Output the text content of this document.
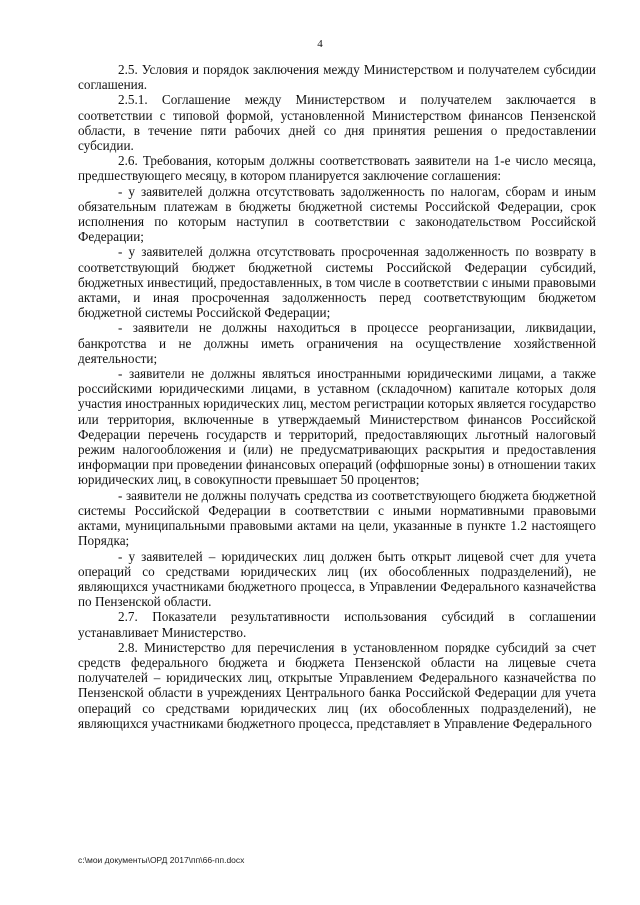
4

2.5. Условия и порядок заключения между Министерством и получателем субсидии соглашения.

2.5.1. Соглашение между Министерством и получателем заключается в соответствии с типовой формой, установленной Министерством финансов Пензенской области, в течение пяти рабочих дней со дня принятия решения о предоставлении субсидии.

2.6. Требования, которым должны соответствовать заявители на 1-е число месяца, предшествующего месяцу, в котором планируется заключение соглашения:

- у заявителей должна отсутствовать задолженность по налогам, сборам и иным обязательным платежам в бюджеты бюджетной системы Российской Федерации, срок исполнения по которым наступил в соответствии с законодательством Российской Федерации;

- у заявителей должна отсутствовать просроченная задолженность по возврату в соответствующий бюджет бюджетной системы Российской Федерации субсидий, бюджетных инвестиций, предоставленных, в том числе в соответствии с иными правовыми актами, и иная просроченная задолженность перед соответствующим бюджетом бюджетной системы Российской Федерации;

- заявители не должны находиться в процессе реорганизации, ликвидации, банкротства и не должны иметь ограничения на осуществление хозяйственной деятельности;

- заявители не должны являться иностранными юридическими лицами, а также российскими юридическими лицами, в уставном (складочном) капитале которых доля участия иностранных юридических лиц, местом регистрации которых является государство или территория, включенные в утверждаемый Министерством финансов Российской Федерации перечень государств и территорий, предоставляющих льготный налоговый режим налогообложения и (или) не предусматривающих раскрытия и предоставления информации при проведении финансовых операций (оффшорные зоны) в отношении таких юридических лиц, в совокупности превышает 50 процентов;

- заявители не должны получать средства из соответствующего бюджета бюджетной системы Российской Федерации в соответствии с иными нормативными правовыми актами, муниципальными правовыми актами на цели, указанные в пункте 1.2 настоящего Порядка;

- у заявителей – юридических лиц должен быть открыт лицевой счет для учета операций со средствами юридических лиц (их обособленных подразделений), не являющихся участниками бюджетного процесса, в Управлении Федерального казначейства по Пензенской области.

2.7. Показатели результативности использования субсидий в соглашении устанавливает Министерство.

2.8. Министерство для перечисления в установленном порядке субсидий за счет средств федерального бюджета и бюджета Пензенской области на лицевые счета получателей – юридических лиц, открытые Управлением Федерального казначейства по Пензенской области в учреждениях Центрального банка Российской Федерации для учета операций со средствами юридических лиц (их обособленных подразделений), не являющихся участниками бюджетного процесса, представляет в Управление Федерального

c:\мои документы\ОРД 2017\пп\66-пп.docx
